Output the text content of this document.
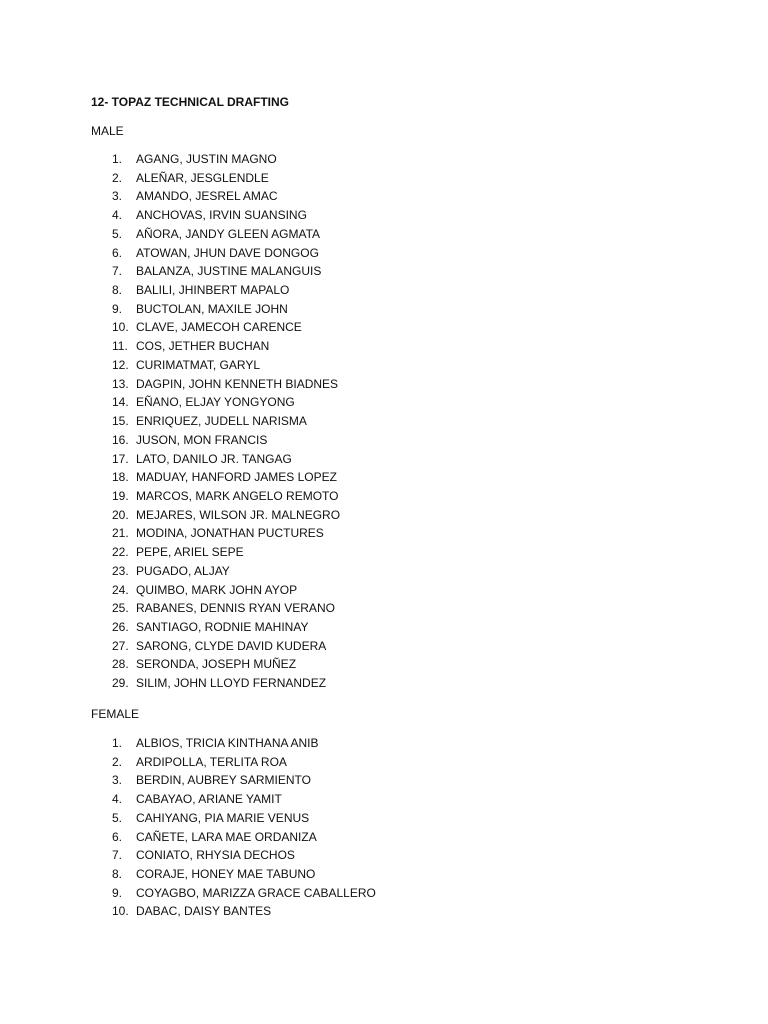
12- TOPAZ TECHNICAL DRAFTING
MALE
1.	AGANG, JUSTIN MAGNO
2.	ALEÑAR, JESGLENDLE
3.	AMANDO, JESREL AMAC
4.	ANCHOVAS, IRVIN SUANSING
5.	AÑORA, JANDY GLEEN AGMATA
6.	ATOWAN, JHUN DAVE DONGOG
7.	BALANZA, JUSTINE MALANGUIS
8.	BALILI, JHINBERT MAPALO
9.	BUCTOLAN, MAXILE JOHN
10. CLAVE, JAMECOH CARENCE
11. COS, JETHER BUCHAN
12. CURIMATMAT, GARYL
13. DAGPIN, JOHN KENNETH BIADNES
14. EÑANO, ELJAY YONGYONG
15. ENRIQUEZ, JUDELL NARISMA
16. JUSON, MON FRANCIS
17. LATO, DANILO JR. TANGAG
18. MADUAY, HANFORD JAMES LOPEZ
19. MARCOS, MARK ANGELO REMOTO
20. MEJARES, WILSON JR. MALNEGRO
21. MODINA, JONATHAN PUCTURES
22. PEPE, ARIEL SEPE
23. PUGADO, ALJAY
24. QUIMBO, MARK JOHN AYOP
25. RABANES, DENNIS RYAN VERANO
26. SANTIAGO, RODNIE MAHINAY
27. SARONG, CLYDE DAVID KUDERA
28. SERONDA, JOSEPH MUÑEZ
29. SILIM, JOHN LLOYD FERNANDEZ
FEMALE
1.	ALBIOS, TRICIA KINTHANA ANIB
2.	ARDIPOLLA, TERLITA ROA
3.	BERDIN, AUBREY SARMIENTO
4.	CABAYAO, ARIANE YAMIT
5.	CAHIYANG, PIA MARIE VENUS
6.	CAÑETE, LARA MAE ORDANIZA
7.	CONIATO, RHYSIA DECHOS
8.	CORAJE, HONEY MAE TABUNO
9.	COYAGBO, MARIZZA GRACE CABALLERO
10. DABAC, DAISY BANTES
